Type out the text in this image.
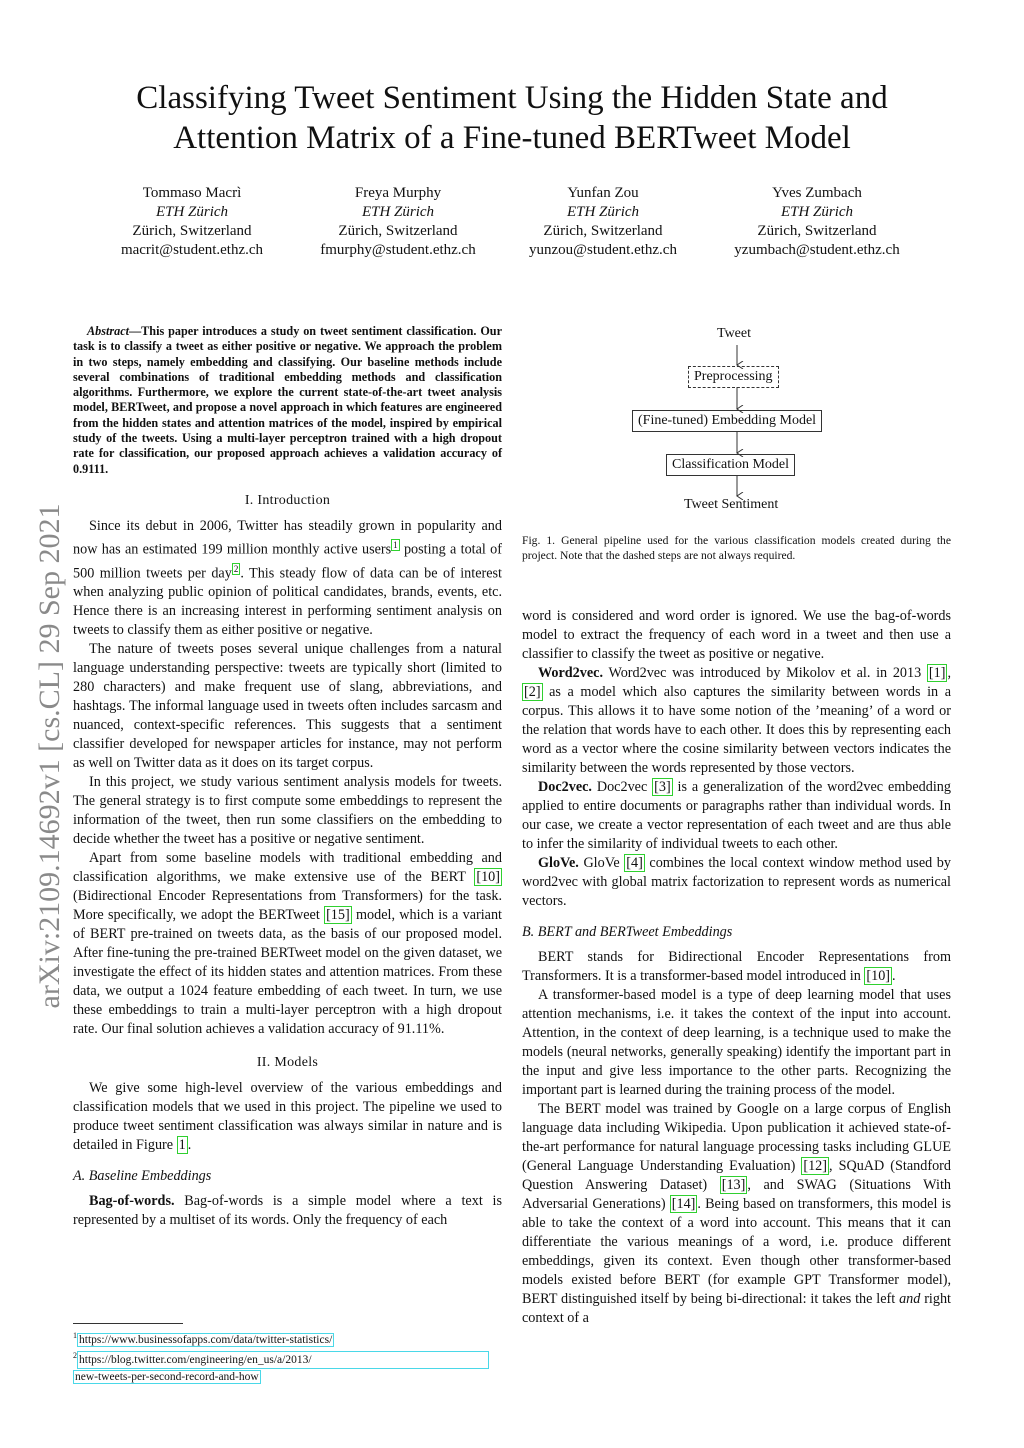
arXiv:2109.14692v1 [cs.CL] 29 Sep 2021
Classifying Tweet Sentiment Using the Hidden State and
Attention Matrix of a Fine-tuned BERTweet Model
Tommaso Macrì
ETH Zürich
Zürich, Switzerland
macrit@student.ethz.ch
Freya Murphy
ETH Zürich
Zürich, Switzerland
fmurphy@student.ethz.ch
Yunfan Zou
ETH Zürich
Zürich, Switzerland
yunzou@student.ethz.ch
Yves Zumbach
ETH Zürich
Zürich, Switzerland
yzumbach@student.ethz.ch

Abstract—This paper introduces a study on tweet sentiment classification. Our task is to classify a tweet as either positive or negative. We approach the problem in two steps, namely embedding and classifying. Our baseline methods include several combinations of traditional embedding methods and classification algorithms. Furthermore, we explore the current state-of-the-art tweet analysis model, BERTweet, and propose a novel approach in which features are engineered from the hidden states and attention matrices of the model, inspired by empirical study of the tweets. Using a multi-layer perceptron trained with a high dropout rate for classification, our proposed approach achieves a validation accuracy of 0.9111.

I. Introduction

Since its debut in 2006, Twitter has steadily grown in popularity and now has an estimated 199 million monthly active users $^1$ posting a total of 500 million tweets per day $^2$ . This steady flow of data can be of interest when analyzing public opinion of political candidates, brands, events, etc. Hence there is an increasing interest in performing sentiment analysis on tweets to classify them as either positive or negative.

The nature of tweets poses several unique challenges from a natural language understanding perspective: tweets are typically short (limited to 280 characters) and make frequent use of slang, abbreviations, and hashtags. The informal language used in tweets often includes sarcasm and nuanced, context-specific references. This suggests that a sentiment classifier developed for newspaper articles for instance, may not perform as well on Twitter data as it does on its target corpus.

In this project, we study various sentiment analysis models for tweets. The general strategy is to first compute some embeddings to represent the information of the tweet, then run some classifiers on the embedding to decide whether the tweet has a positive or negative sentiment.

Apart from some baseline models with traditional embedding and classification algorithms, we make extensive use of the BERT [10] (Bidirectional Encoder Representations from Transformers) for the task. More specifically, we adopt the BERTweet [15] model, which is a variant of BERT pre-trained on tweets data, as the basis of our proposed model. After fine-tuning the pre-trained BERTweet model on the given dataset, we investigate the effect of its hidden states and attention matrices. From these data, we output a 1024 feature embedding of each tweet. In turn, we use these embeddings to train a multi-layer perceptron with a high dropout rate. Our final solution achieves a validation accuracy of 91.11%.

II. Models

We give some high-level overview of the various embeddings and classification models that we used in this project. The pipeline we used to produce tweet sentiment classification was always similar in nature and is detailed in Figure 1 .

A. Baseline Embeddings

Bag-of-words. Bag-of-words is a simple model where a text is represented by a multiset of its words. Only the frequency of each

$^1$ https://www.businessofapps.com/data/twitter-statistics/
$^2$ https://blog.twitter.com/engineering/en_us/a/2013/
new-tweets-per-second-record-and-how
Tweet
Preprocessing
(Fine-tuned) Embedding Model
Classification Model
Tweet Sentiment
Fig. 1. General pipeline used for the various classification models created during the project. Note that the dashed steps are not always required.

word is considered and word order is ignored. We use the bag-of-words model to extract the frequency of each word in a tweet and then use a classifier to classify the tweet as positive or negative.

Word2vec. Word2vec was introduced by Mikolov et al. in 2013 [1] , [2] as a model which also captures the similarity between words in a corpus. This allows it to have some notion of the ’meaning’ of a word or the relation that words have to each other. It does this by representing each word as a vector where the cosine similarity between vectors indicates the similarity between the words represented by those vectors.

Doc2vec. Doc2vec [3] is a generalization of the word2vec embedding applied to entire documents or paragraphs rather than individual words. In our case, we create a vector representation of each tweet and are thus able to infer the similarity of individual tweets to each other.

GloVe. GloVe [4] combines the local context window method used by word2vec with global matrix factorization to represent words as numerical vectors.

B. BERT and BERTweet Embeddings

BERT stands for Bidirectional Encoder Representations from Transformers. It is a transformer-based model introduced in [10] .

A transformer-based model is a type of deep learning model that uses attention mechanisms, i.e. it takes the context of the input into account. Attention, in the context of deep learning, is a technique used to make the models (neural networks, generally speaking) identify the important part in the input and give less importance to the other parts. Recognizing the important part is learned during the training process of the model.

The BERT model was trained by Google on a large corpus of English language data including Wikipedia. Upon publication it achieved state-of-the-art performance for natural language processing tasks including GLUE (General Language Understanding Evaluation) [12] , SQuAD (Standford Question Answering Dataset) [13] , and SWAG (Situations With Adversarial Generations) [14] . Being based on transformers, this model is able to take the context of a word into account. This means that it can differentiate the various meanings of a word, i.e. produce different embeddings, given its context. Even though other transformer-based models existed before BERT (for example GPT Transformer model), BERT distinguished itself by being bi-directional: it takes the left and right context of a
